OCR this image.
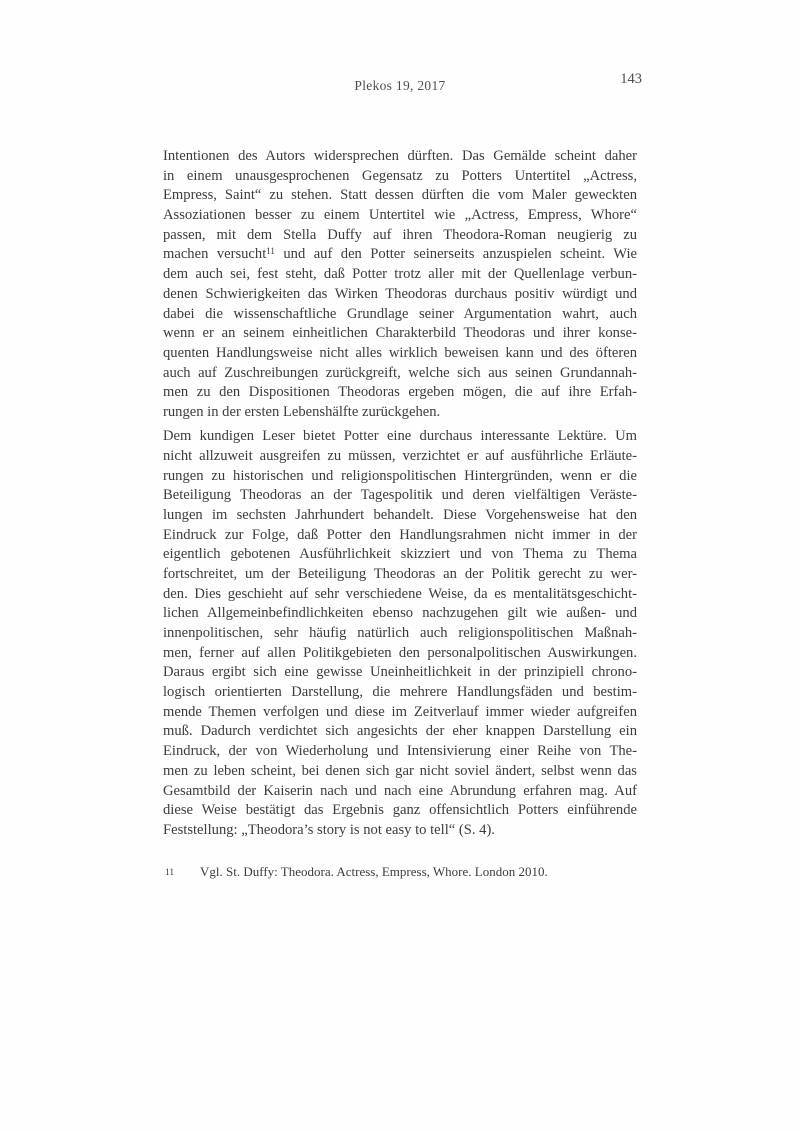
Plekos 19, 2017	143
Intentionen des Autors widersprechen dürften. Das Gemälde scheint daher
in einem unausgesprochenen Gegensatz zu Potters Untertitel „Actress,
Empress, Saint“ zu stehen. Statt dessen dürften die vom Maler geweckten
Assoziationen besser zu einem Untertitel wie „Actress, Empress, Whore“
passen, mit dem Stella Duffy auf ihren Theodora-Roman neugierig zu
machen versucht$^{11}$ und auf den Potter seinerseits anzuspielen scheint. Wie
dem auch sei, fest steht, daß Potter trotz aller mit der Quellenlage verbun-
denen Schwierigkeiten das Wirken Theodoras durchaus positiv würdigt und
dabei die wissenschaftliche Grundlage seiner Argumentation wahrt, auch
wenn er an seinem einheitlichen Charakterbild Theodoras und ihrer konse-
quenten Handlungsweise nicht alles wirklich beweisen kann und des öfteren
auch auf Zuschreibungen zurückgreift, welche sich aus seinen Grundannah-
men zu den Dispositionen Theodoras ergeben mögen, die auf ihre Erfah-
rungen in der ersten Lebenshälfte zurückgehen.
Dem kundigen Leser bietet Potter eine durchaus interessante Lektüre. Um
nicht allzuweit ausgreifen zu müssen, verzichtet er auf ausführliche Erläute-
rungen zu historischen und religionspolitischen Hintergründen, wenn er die
Beteiligung Theodoras an der Tagespolitik und deren vielfältigen Veräste-
lungen im sechsten Jahrhundert behandelt. Diese Vorgehensweise hat den
Eindruck zur Folge, daß Potter den Handlungsrahmen nicht immer in der
eigentlich gebotenen Ausführlichkeit skizziert und von Thema zu Thema
fortschreitet, um der Beteiligung Theodoras an der Politik gerecht zu wer-
den. Dies geschieht auf sehr verschiedene Weise, da es mentalitätsgeschicht-
lichen Allgemeinbefindlichkeiten ebenso nachzugehen gilt wie außen- und
innenpolitischen, sehr häufig natürlich auch religionspolitischen Maßnah-
men, ferner auf allen Politikgebieten den personalpolitischen Auswirkungen.
Daraus ergibt sich eine gewisse Uneinheitlichkeit in der prinzipiell chrono-
logisch orientierten Darstellung, die mehrere Handlungsfäden und bestim-
mende Themen verfolgen und diese im Zeitverlauf immer wieder aufgreifen
muß. Dadurch verdichtet sich angesichts der eher knappen Darstellung ein
Eindruck, der von Wiederholung und Intensivierung einer Reihe von The-
men zu leben scheint, bei denen sich gar nicht soviel ändert, selbst wenn das
Gesamtbild der Kaiserin nach und nach eine Abrundung erfahren mag. Auf
diese Weise bestätigt das Ergebnis ganz offensichtlich Potters einführende
Feststellung: „Theodora’s story is not easy to tell“ (S. 4).
11 Vgl. St. Duffy: Theodora. Actress, Empress, Whore. London 2010.
